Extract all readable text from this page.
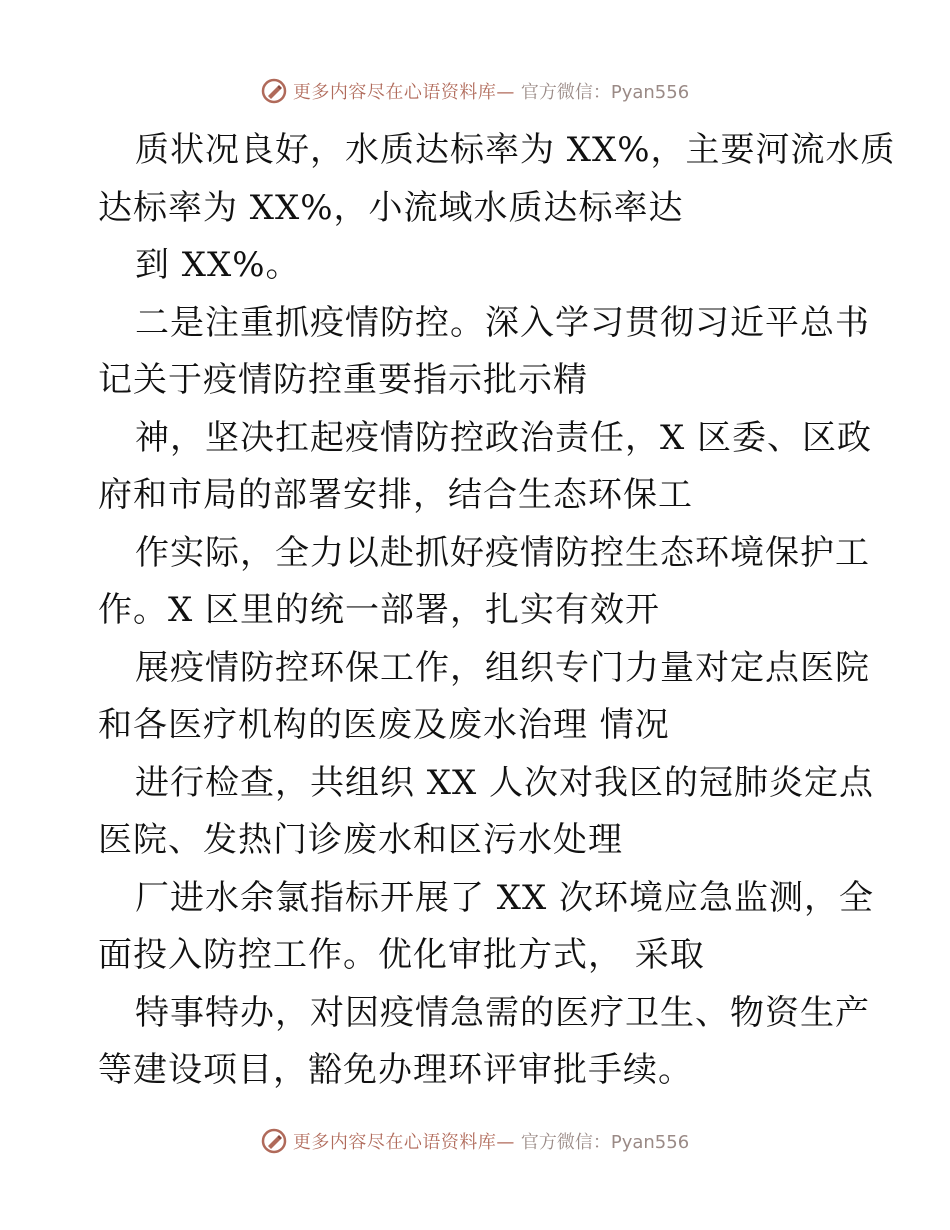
更多内容尽在心语资料库— 官方微信：Pyan556
质状况良好，水质达标率为 XX%，主要河流水质
达标率为 XX%，小流域水质达标率达
到 XX%。
二是注重抓疫情防控。深入学习贯彻习近平总书
记关于疫情防控重要指示批示精
神，坚决扛起疫情防控政治责任，X 区委、区政
府和市局的部署安排，结合生态环保工
作实际，全力以赴抓好疫情防控生态环境保护工
作。X 区里的统一部署，扎实有效开
展疫情防控环保工作，组织专门力量对定点医院
和各医疗机构的医废及废水治理 情况
进行检查，共组织 XX 人次对我区的冠肺炎定点
医院、发热门诊废水和区污水处理
厂进水余氯指标开展了 XX 次环境应急监测，全
面投入防控工作。优化审批方式， 采取
特事特办，对因疫情急需的医疗卫生、物资生产
等建设项目，豁免办理环评审批手续。
更多内容尽在心语资料库— 官方微信：Pyan556
